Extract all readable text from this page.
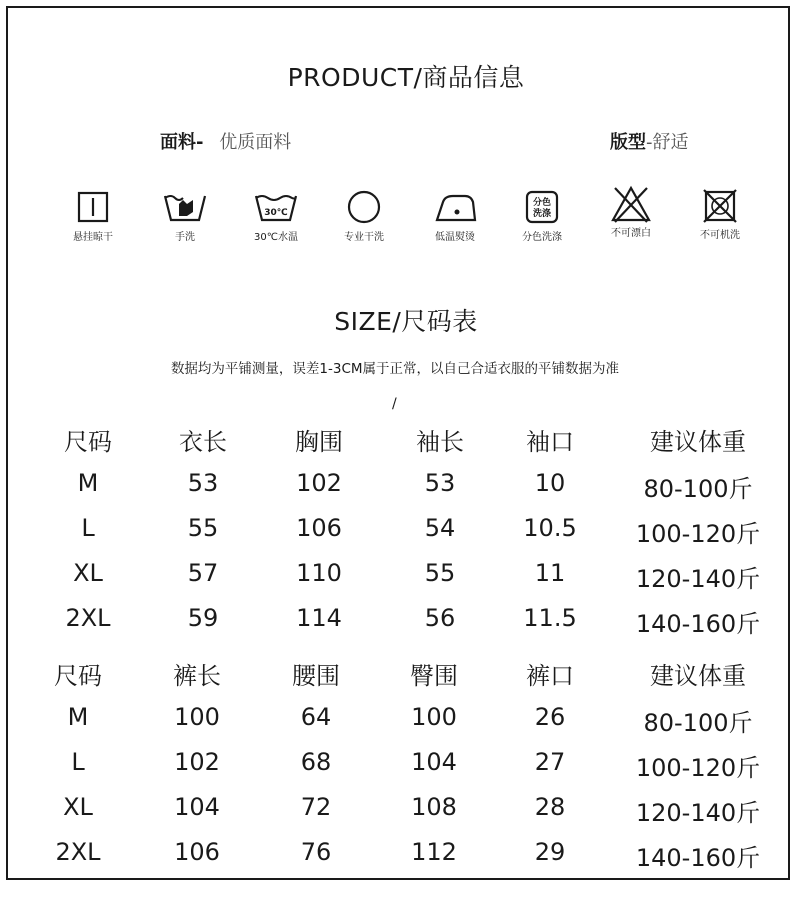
PRODUCT/商品信息
面料- 优质面料	版型-舒适
悬挂晾干	手洗
30℃
30℃水温	专业干洗	低温熨烫
分色
洗涤
分色洗涤	不可漂白	不可机洗
SIZE/尺码表
数据均为平铺测量，误差1-3CM属于正常，以自己合适衣服的平铺数据为准
/
尺码	衣长	胸围	袖长	袖口	建议体重
M	53	102	53	10	80-100斤
L	55	106	54	10.5	100-120斤
XL	57	110	55	11	120-140斤
2XL	59	114	56	11.5	140-160斤
尺码	裤长	腰围	臀围	裤口	建议体重
M	100	64	100	26	80-100斤
L	102	68	104	27	100-120斤
XL	104	72	108	28	120-140斤
2XL	106	76	112	29	140-160斤
